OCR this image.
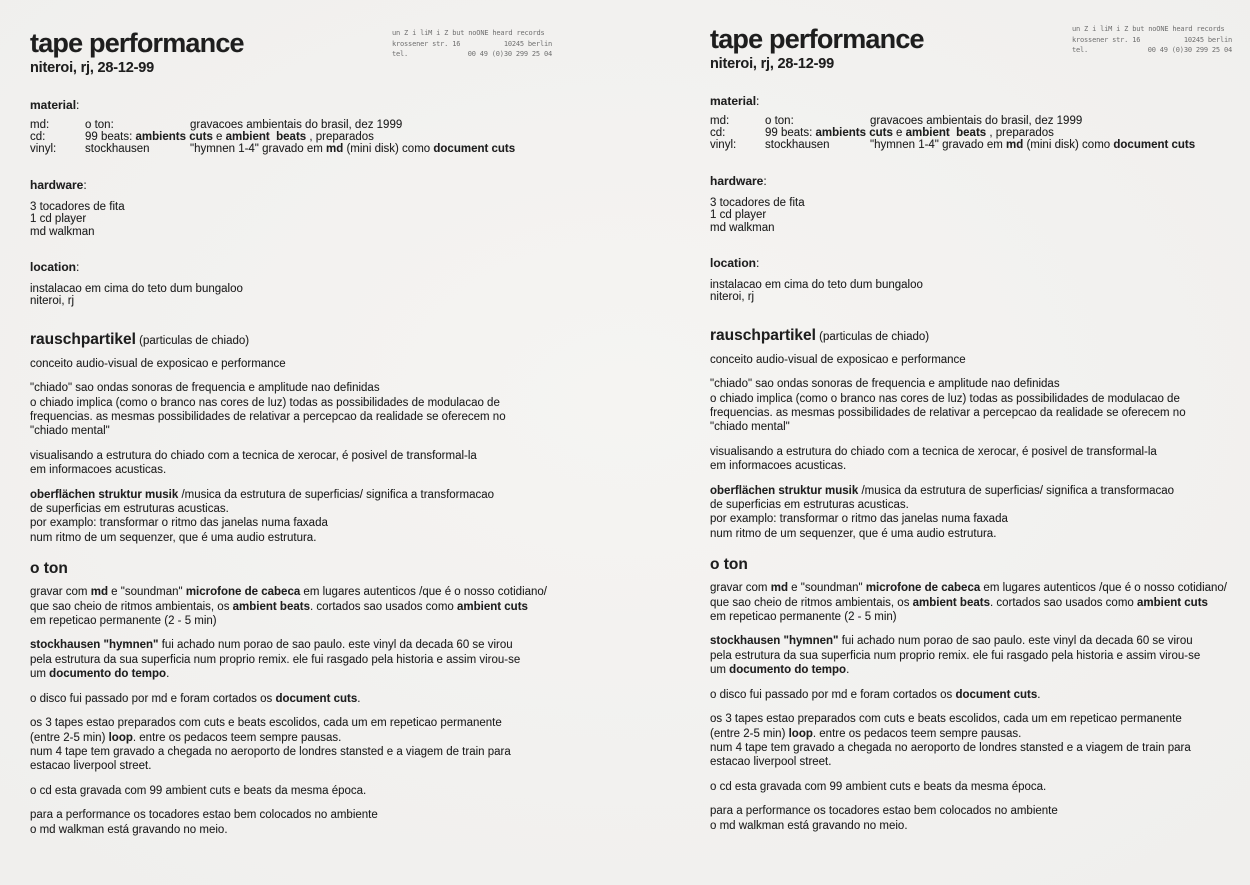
tape performance
niteroi, rj, 28-12-99
un Z i liM i Z but noONE heard records
krossener str. 16	10245 berlin
tel.	00 49 (0)30 299 25 04
material:
md:	o ton:	gravacoes ambientais do brasil, dez 1999
cd:	99 beats: ambients cuts e ambient  beats , preparados
vinyl:	stockhausen	"hymnen 1-4" gravado em md (mini disk) como document cuts
hardware:
3 tocadores de fita
1 cd player
md walkman
location:
instalacao em cima do teto dum bungaloo
niteroi, rj
rauschpartikel (particulas de chiado)
conceito audio-visual de exposicao e performance
"chiado" sao ondas sonoras de frequencia e amplitude nao definidas
o chiado implica (como o branco nas cores de luz) todas as possibilidades de modulacao de
frequencias. as mesmas possibilidades de relativar a percepcao da realidade se oferecem no
"chiado mental"
visualisando a estrutura do chiado com a tecnica de xerocar, é posivel de transformal-la
em informacoes acusticas.
oberflächen struktur musik /musica da estrutura de superficias/ significa a transformacao
de superficias em estruturas acusticas.
por examplo: transformar o ritmo das janelas numa faxada
num ritmo de um sequenzer, que é uma audio estrutura.
o ton
gravar com md e "soundman" microfone de cabeca em lugares autenticos /que é o nosso cotidiano/
que sao cheio de ritmos ambientais, os ambient beats. cortados sao usados como ambient cuts
em repeticao permanente (2 - 5 min)
stockhausen "hymnen" fui achado num porao de sao paulo. este vinyl da decada 60 se virou
pela estrutura da sua superficia num proprio remix. ele fui rasgado pela historia e assim virou-se
um documento do tempo.
o disco fui passado por md e foram cortados os document cuts.
os 3 tapes estao preparados com cuts e beats escolidos, cada um em repeticao permanente
(entre 2-5 min) loop. entre os pedacos teem sempre pausas.
num 4 tape tem gravado a chegada no aeroporto de londres stansted e a viagem de train para
estacao liverpool street.
o cd esta gravada com 99 ambient cuts e beats da mesma época.
para a performance os tocadores estao bem colocados no ambiente
o md walkman está gravando no meio.
tape performance
niteroi, rj, 28-12-99
un Z i liM i Z but noONE heard records
krossener str. 16	10245 berlin
tel.	00 49 (0)30 299 25 04
material:
md:	o ton:	gravacoes ambientais do brasil, dez 1999
cd:	99 beats: ambients cuts e ambient  beats , preparados
vinyl:	stockhausen	"hymnen 1-4" gravado em md (mini disk) como document cuts
hardware:
3 tocadores de fita
1 cd player
md walkman
location:
instalacao em cima do teto dum bungaloo
niteroi, rj
rauschpartikel (particulas de chiado)
conceito audio-visual de exposicao e performance
"chiado" sao ondas sonoras de frequencia e amplitude nao definidas
o chiado implica (como o branco nas cores de luz) todas as possibilidades de modulacao de
frequencias. as mesmas possibilidades de relativar a percepcao da realidade se oferecem no
"chiado mental"
visualisando a estrutura do chiado com a tecnica de xerocar, é posivel de transformal-la
em informacoes acusticas.
oberflächen struktur musik /musica da estrutura de superficias/ significa a transformacao
de superficias em estruturas acusticas.
por examplo: transformar o ritmo das janelas numa faxada
num ritmo de um sequenzer, que é uma audio estrutura.
o ton
gravar com md e "soundman" microfone de cabeca em lugares autenticos /que é o nosso cotidiano/
que sao cheio de ritmos ambientais, os ambient beats. cortados sao usados como ambient cuts
em repeticao permanente (2 - 5 min)
stockhausen "hymnen" fui achado num porao de sao paulo. este vinyl da decada 60 se virou
pela estrutura da sua superficia num proprio remix. ele fui rasgado pela historia e assim virou-se
um documento do tempo.
o disco fui passado por md e foram cortados os document cuts.
os 3 tapes estao preparados com cuts e beats escolidos, cada um em repeticao permanente
(entre 2-5 min) loop. entre os pedacos teem sempre pausas.
num 4 tape tem gravado a chegada no aeroporto de londres stansted e a viagem de train para
estacao liverpool street.
o cd esta gravada com 99 ambient cuts e beats da mesma época.
para a performance os tocadores estao bem colocados no ambiente
o md walkman está gravando no meio.
